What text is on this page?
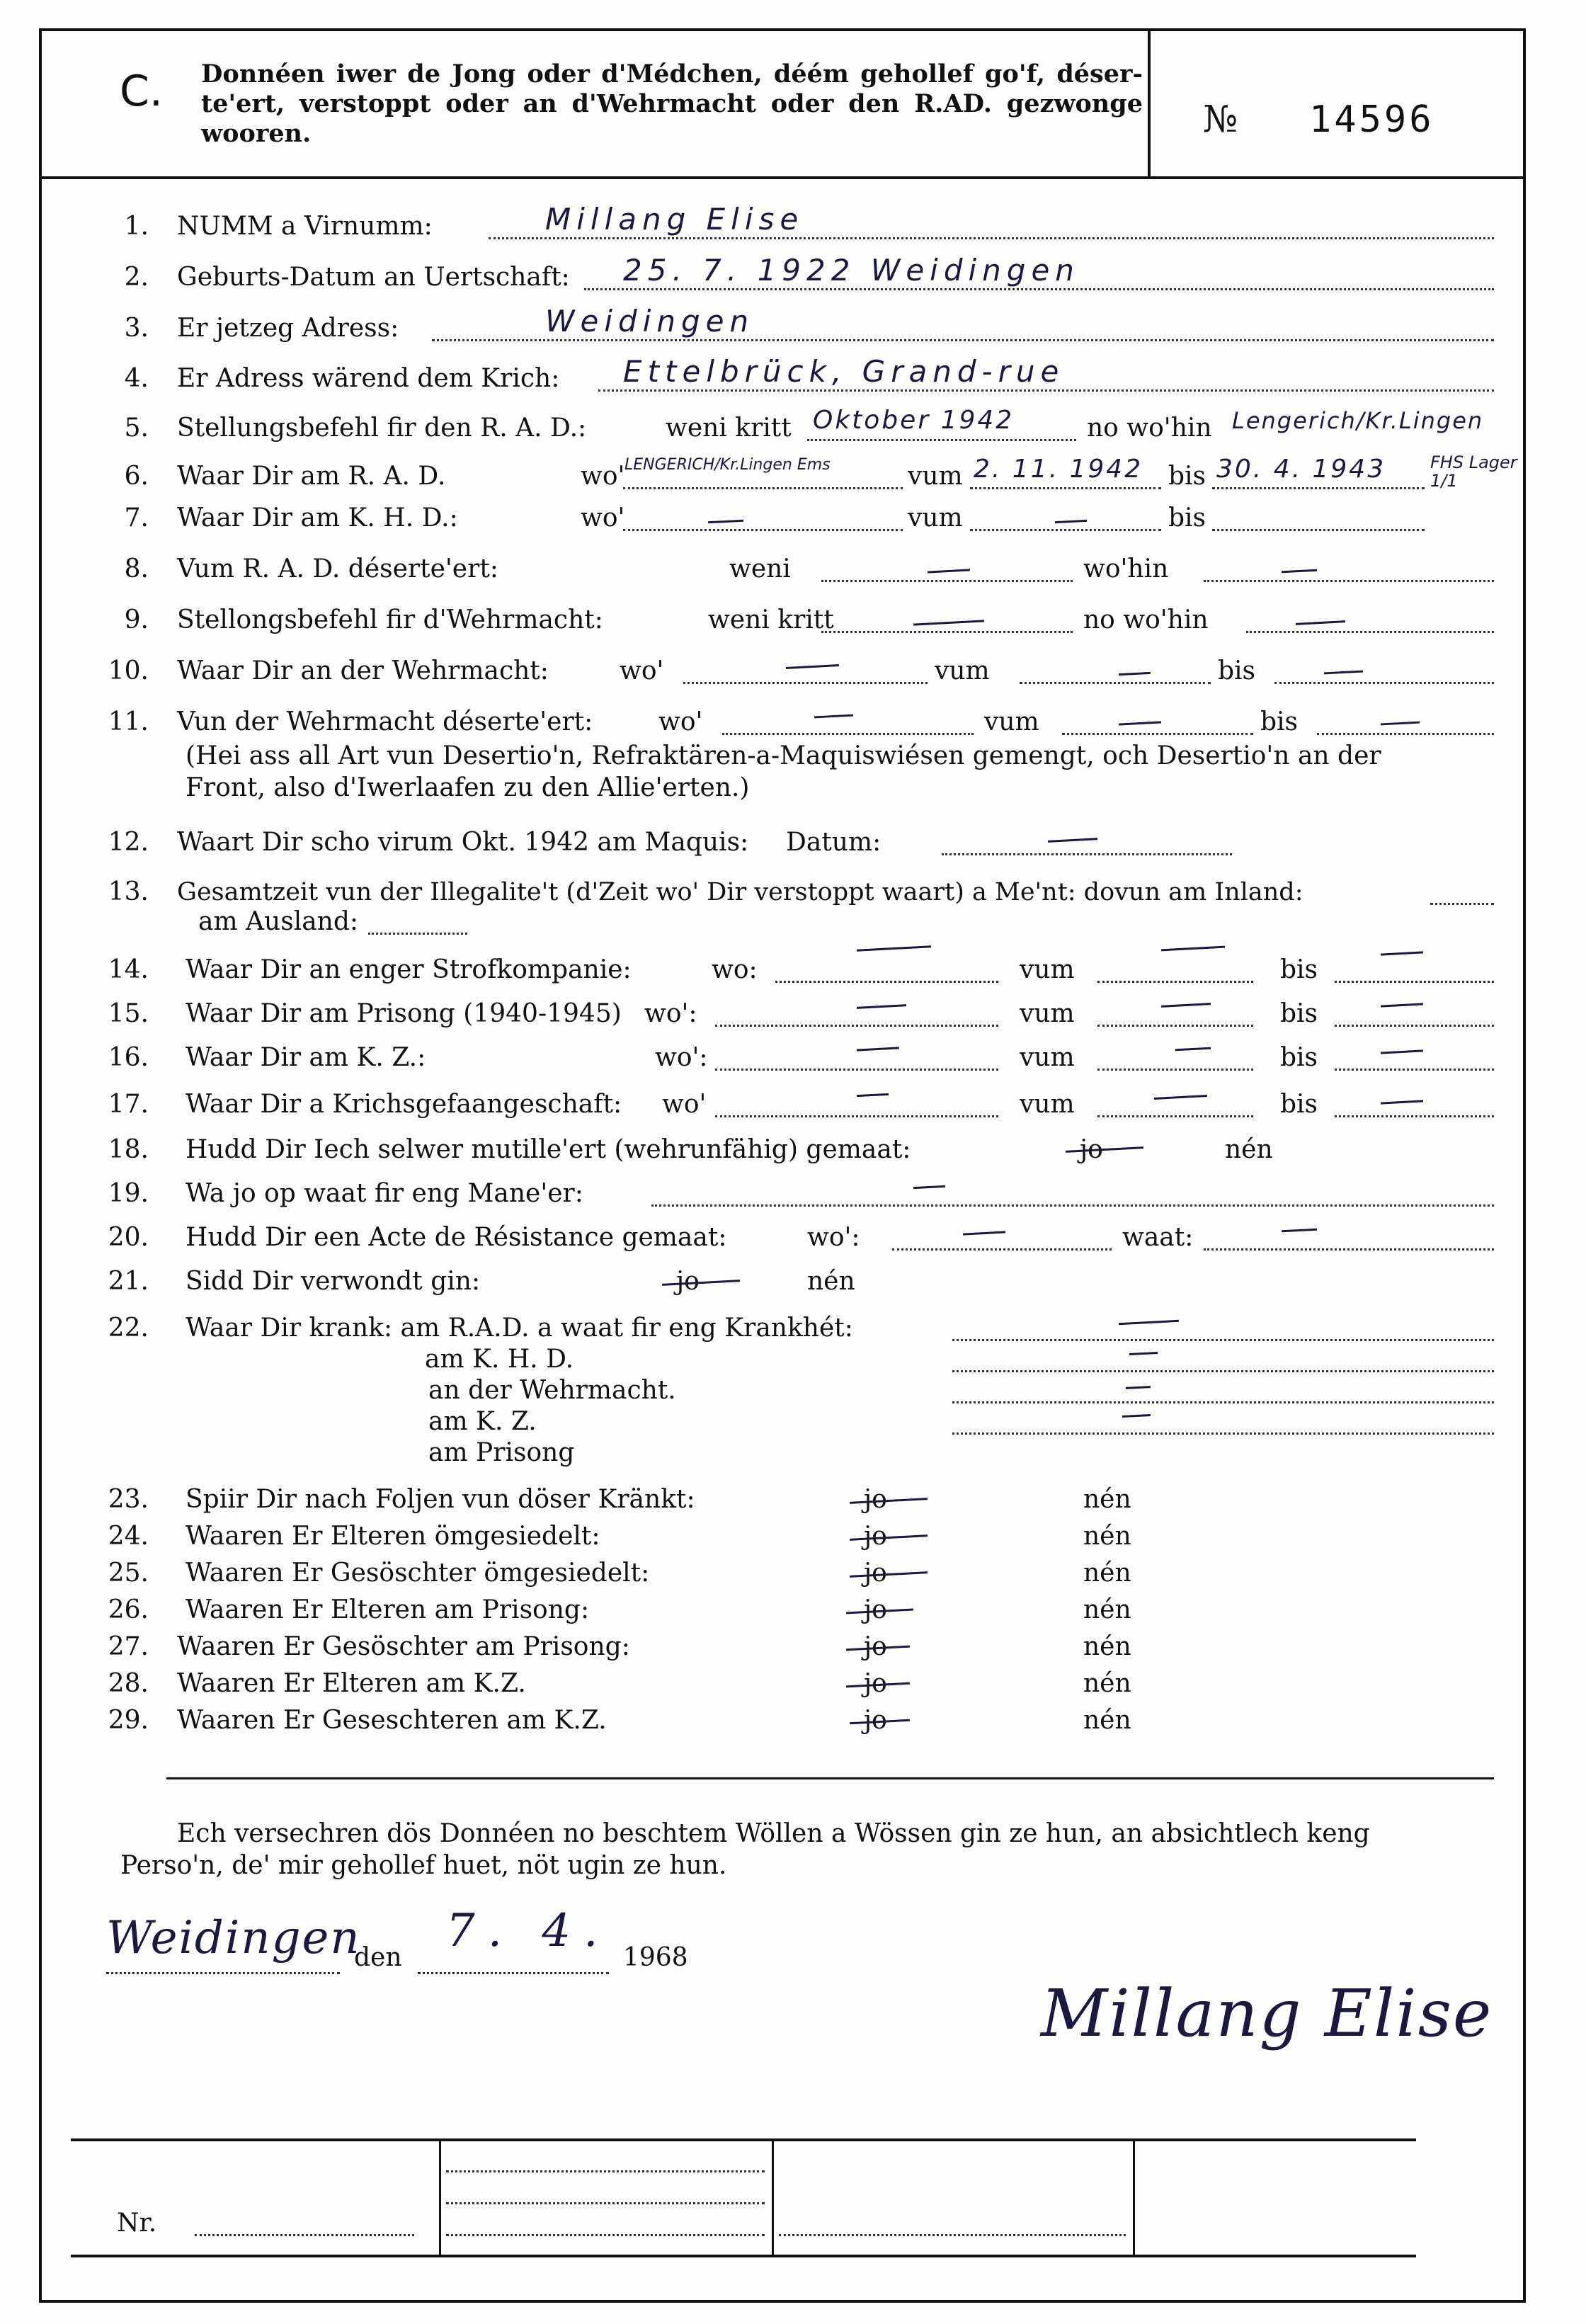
C. Donnéen iwer de Jong oder d'Médchen, déém gehollef go'f, déser-te'ert, verstoppt oder an d'Wehrmacht oder den R.AD. gezwonge wooren.	№ 14596
1. NUMM a Virnumm:	Millang Elise
2. Geburts-Datum an Uertschaft: 25. 7. 1922 Weidingen
3. Er jetzeg Adress:	Weidingen
4. Er Adress wärend dem Krich: Ettelbrück, Grand-rue
5. Stellungsbefehl fir den R. A. D.:	weni kritt Oktober 1942	no wo'hin Lengerich/Kr.Lingen
6. Waar Dir am R. A. D.	wo' LENGERICH/Kr.Lingen Ems	vum 2. 11. 1942 bis 30. 4. 1943	FHS Lager 1/1
7. Waar Dir am K. H. D.:	wo'	vum	bis
8. Vum R. A. D. déserte'ert:	weni	wo'hin
9. Stellongsbefehl fir d'Wehrmacht:	weni kritt	no wo'hin
10. Waar Dir an der Wehrmacht:	wo'	vum	bis
11. Vun der Wehrmacht déserte'ert:	wo'	vum	bis
(Hei ass all Art vun Desertio'n, Refraktären-a-Maquiswiésen gemengt, och Desertio'n an der
Front, also d'Iwerlaafen zu den Allie'erten.)
12. Waart Dir scho virum Okt. 1942 am Maquis: Datum:
13. Gesamtzeit vun der Illegalite't (d'Zeit wo' Dir verstoppt waart) a Me'nt: dovun am Inland:
am Ausland:
14. Waar Dir an enger Strofkompanie:	wo:	vum	bis
15. Waar Dir am Prisong (1940-1945) wo':	vum	bis
16. Waar Dir am K. Z.:	wo':	vum	bis
17. Waar Dir a Krichsgefaangeschaft: wo'	vum	bis
18. Hudd Dir Iech selwer mutille'ert (wehrunfähig) gemaat:	jo	nén
19. Wa jo op waat fir eng Mane'er:
20. Hudd Dir een Acte de Résistance gemaat:	wo':	waat:
21. Sidd Dir verwondt gin:	jo	nén
22. Waar Dir krank: am R.A.D. a waat fir eng Krankhét:
am K. H. D.
an der Wehrmacht.
am K. Z.
am Prisong
23. Spiir Dir nach Foljen vun döser Kränkt:	jo	nén
24. Waaren Er Elteren ömgesiedelt:	jo	nén
25. Waaren Er Gesöschter ömgesiedelt:	jo	nén
26. Waaren Er Elteren am Prisong:	jo	nén
27. Waaren Er Gesöschter am Prisong:	jo	nén
28. Waaren Er Elteren am K.Z.	jo	nén
29. Waaren Er Geseschteren am K.Z.	jo	nén
Ech versechren dös Donnéen no beschtem Wöllen a Wössen gin ze hun, an absichtlech keng
Perso'n, de' mir gehollef huet, nöt ugin ze hun.
Weidingen
den
7. 4.
1968
Millang Elise
Nr.
